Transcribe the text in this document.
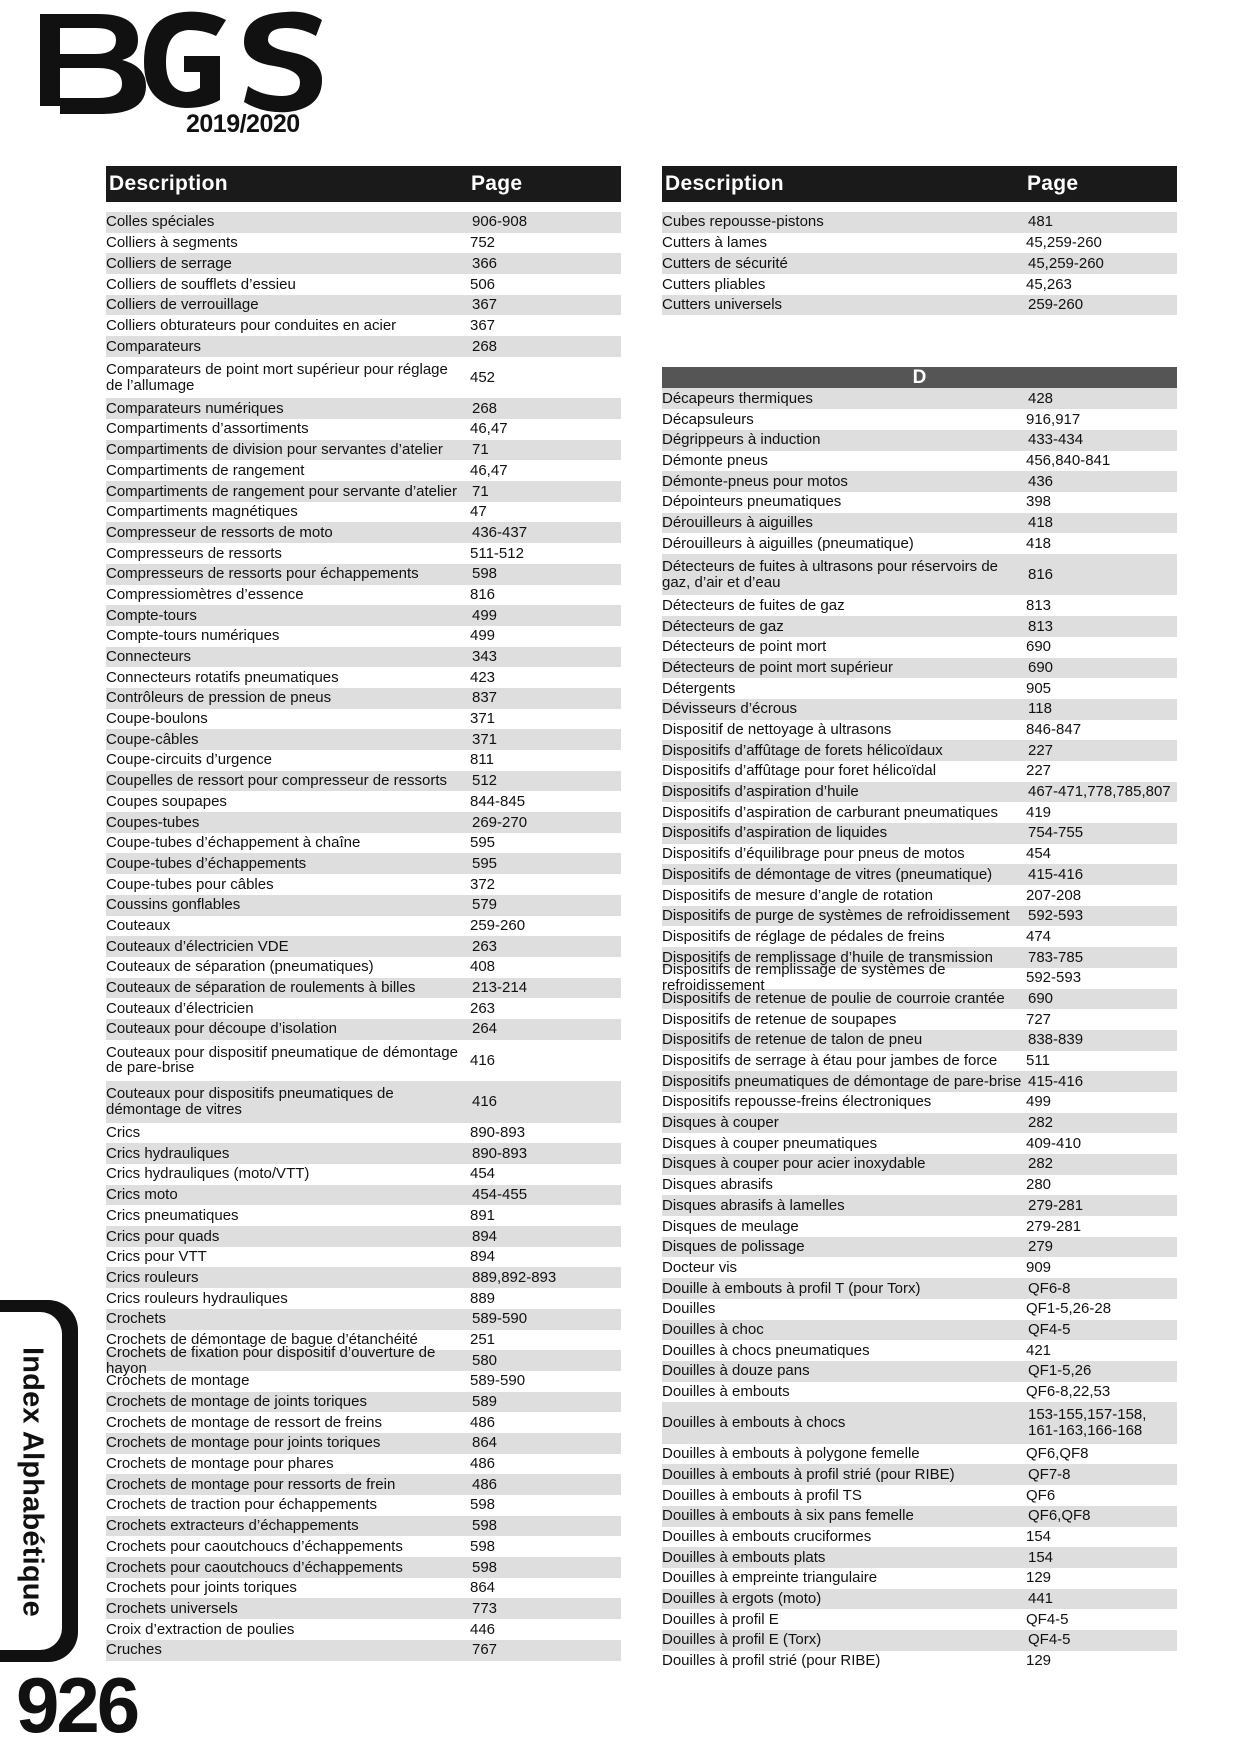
2019/2020
Description	Page
Colles spéciales	906-908
Colliers à segments	752
Colliers de serrage	366
Colliers de soufflets d’essieu	506
Colliers de verrouillage	367
Colliers obturateurs pour conduites en acier	367
Comparateurs	268
Comparateurs de point mort supérieur pour réglage de l’allumage	452
Comparateurs numériques	268
Compartiments d’assortiments	46,47
Compartiments de division pour servantes d’atelier	71
Compartiments de rangement	46,47
Compartiments de rangement pour servante d’atelier 71
Compartiments magnétiques	47
Compresseur de ressorts de moto	436-437
Compresseurs de ressorts	511-512
Compresseurs de ressorts pour échappements	598
Compressiomètres d’essence	816
Compte-tours	499
Compte-tours numériques	499
Connecteurs	343
Connecteurs rotatifs pneumatiques	423
Contrôleurs de pression de pneus	837
Coupe-boulons	371
Coupe-câbles	371
Coupe-circuits d’urgence	811
Coupelles de ressort pour compresseur de ressorts	512
Coupes soupapes	844-845
Coupes-tubes	269-270
Coupe-tubes d’échappement à chaîne	595
Coupe-tubes d’échappements	595
Coupe-tubes pour câbles	372
Coussins gonflables	579
Couteaux	259-260
Couteaux d’électricien VDE	263
Couteaux de séparation (pneumatiques)	408
Couteaux de séparation de roulements à billes	213-214
Couteaux d’électricien	263
Couteaux pour découpe d’isolation	264
Couteaux pour dispositif pneumatique de démontage de pare-brise	416
Couteaux pour dispositifs pneumatiques de démontage de vitres	416
Crics	890-893
Crics hydrauliques	890-893
Crics hydrauliques (moto/VTT)	454
Crics moto	454-455
Crics pneumatiques	891
Crics pour quads	894
Crics pour VTT	894
Crics rouleurs	889,892-893
Crics rouleurs hydrauliques	889
Crochets	589-590
Crochets de démontage de bague d’étanchéité	251
Crochets de fixation pour dispositif d’ouverture de hayon	580
Crochets de montage	589-590
Crochets de montage de joints toriques	589
Crochets de montage de ressort de freins	486
Crochets de montage pour joints toriques	864
Crochets de montage pour phares	486
Crochets de montage pour ressorts de frein	486
Crochets de traction pour échappements	598
Crochets extracteurs d’échappements	598
Crochets pour caoutchoucs d’échappements	598
Crochets pour caoutchoucs d’échappements	598
Crochets pour joints toriques	864
Crochets universels	773
Croix d’extraction de poulies	446
Cruches	767
Description	Page
Cubes repousse-pistons	481
Cutters à lames	45,259-260
Cutters de sécurité	45,259-260
Cutters pliables	45,263
Cutters universels	259-260
D
Décapeurs thermiques	428
Décapsuleurs	916,917
Dégrippeurs à induction	433-434
Démonte pneus	456,840-841
Démonte-pneus pour motos	436
Dépointeurs pneumatiques	398
Dérouilleurs à aiguilles	418
Dérouilleurs à aiguilles (pneumatique)	418
Détecteurs de fuites à ultrasons pour réservoirs de gaz, d’air et d’eau	816
Détecteurs de fuites de gaz	813
Détecteurs de gaz	813
Détecteurs de point mort	690
Détecteurs de point mort supérieur	690
Détergents	905
Dévisseurs d’écrous	118
Dispositif de nettoyage à ultrasons	846-847
Dispositifs d’affûtage de forets hélicoïdaux	227
Dispositifs d’affûtage pour foret hélicoïdal	227
Dispositifs d’aspiration d’huile	467-471,778,785,807
Dispositifs d’aspiration de carburant pneumatiques	419
Dispositifs d’aspiration de liquides	754-755
Dispositifs d’équilibrage pour pneus de motos	454
Dispositifs de démontage de vitres (pneumatique)	415-416
Dispositifs de mesure d’angle de rotation	207-208
Dispositifs de purge de systèmes de refroidissement	592-593
Dispositifs de réglage de pédales de freins	474
Dispositifs de remplissage d’huile de transmission	783-785
Dispositifs de remplissage de systèmes de refroidissement	592-593
Dispositifs de retenue de poulie de courroie crantée	690
Dispositifs de retenue de soupapes	727
Dispositifs de retenue de talon de pneu	838-839
Dispositifs de serrage à étau pour jambes de force	511
Dispositifs pneumatiques de démontage de pare-brise 415-416
Dispositifs repousse-freins électroniques	499
Disques à couper	282
Disques à couper pneumatiques	409-410
Disques à couper pour acier inoxydable	282
Disques abrasifs	280
Disques abrasifs à lamelles	279-281
Disques de meulage	279-281
Disques de polissage	279
Docteur vis	909
Douille à embouts à profil T (pour Torx)	QF6-8
Douilles	QF1-5,26-28
Douilles à choc	QF4-5
Douilles à chocs pneumatiques	421
Douilles à douze pans	QF1-5,26
Douilles à embouts	QF6-8,22,53
Douilles à embouts à chocs	153-155,157-158, 161-163,166-168
Douilles à embouts à polygone femelle	QF6,QF8
Douilles à embouts à profil strié (pour RIBE)	QF7-8
Douilles à embouts à profil TS	QF6
Douilles à embouts à six pans femelle	QF6,QF8
Douilles à embouts cruciformes	154
Douilles à embouts plats	154
Douilles à empreinte triangulaire	129
Douilles à ergots (moto)	441
Douilles à profil E	QF4-5
Douilles à profil E (Torx)	QF4-5
Douilles à profil strié (pour RIBE)	129
Index Alphabétique
926
